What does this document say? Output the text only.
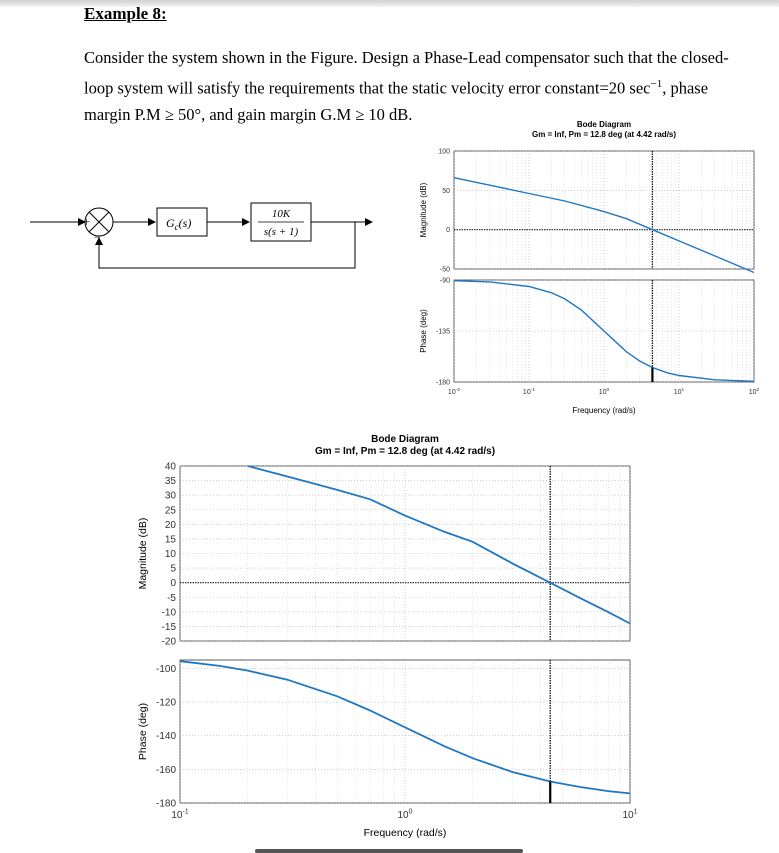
Example 8:
Consider the system shown in the Figure. Design a Phase-Lead compensator such that the closed-
loop system will satisfy the requirements that the static velocity error constant=20 $\sec^{-1}$, phase
margin P.M ≥ 50°, and gain margin G.M ≥ 10 dB.
+
−
$G_c(s)$
10K
s(s + 1)
Bode Diagram
Gm = Inf, Pm = 12.8 deg (at 4.42 rad/s)
100
50
0
-50
Magnitude (dB)
-90
-135
-180
Phase (deg)
$10^{-2}$	$10^{-1}$	$10^0$	$10^1$	$10^2$
Frequency (rad/s)
Bode Diagram
Gm = Inf, Pm = 12.8 deg (at 4.42 rad/s)
40
35
30
25
20
15
10
5
0
-5
-10
-15
-20
Magnitude (dB)
-100
-120
-140
-160
-180
Phase (deg)
$10^{-1}$	$10^0$	$10^1$
Frequency (rad/s)
